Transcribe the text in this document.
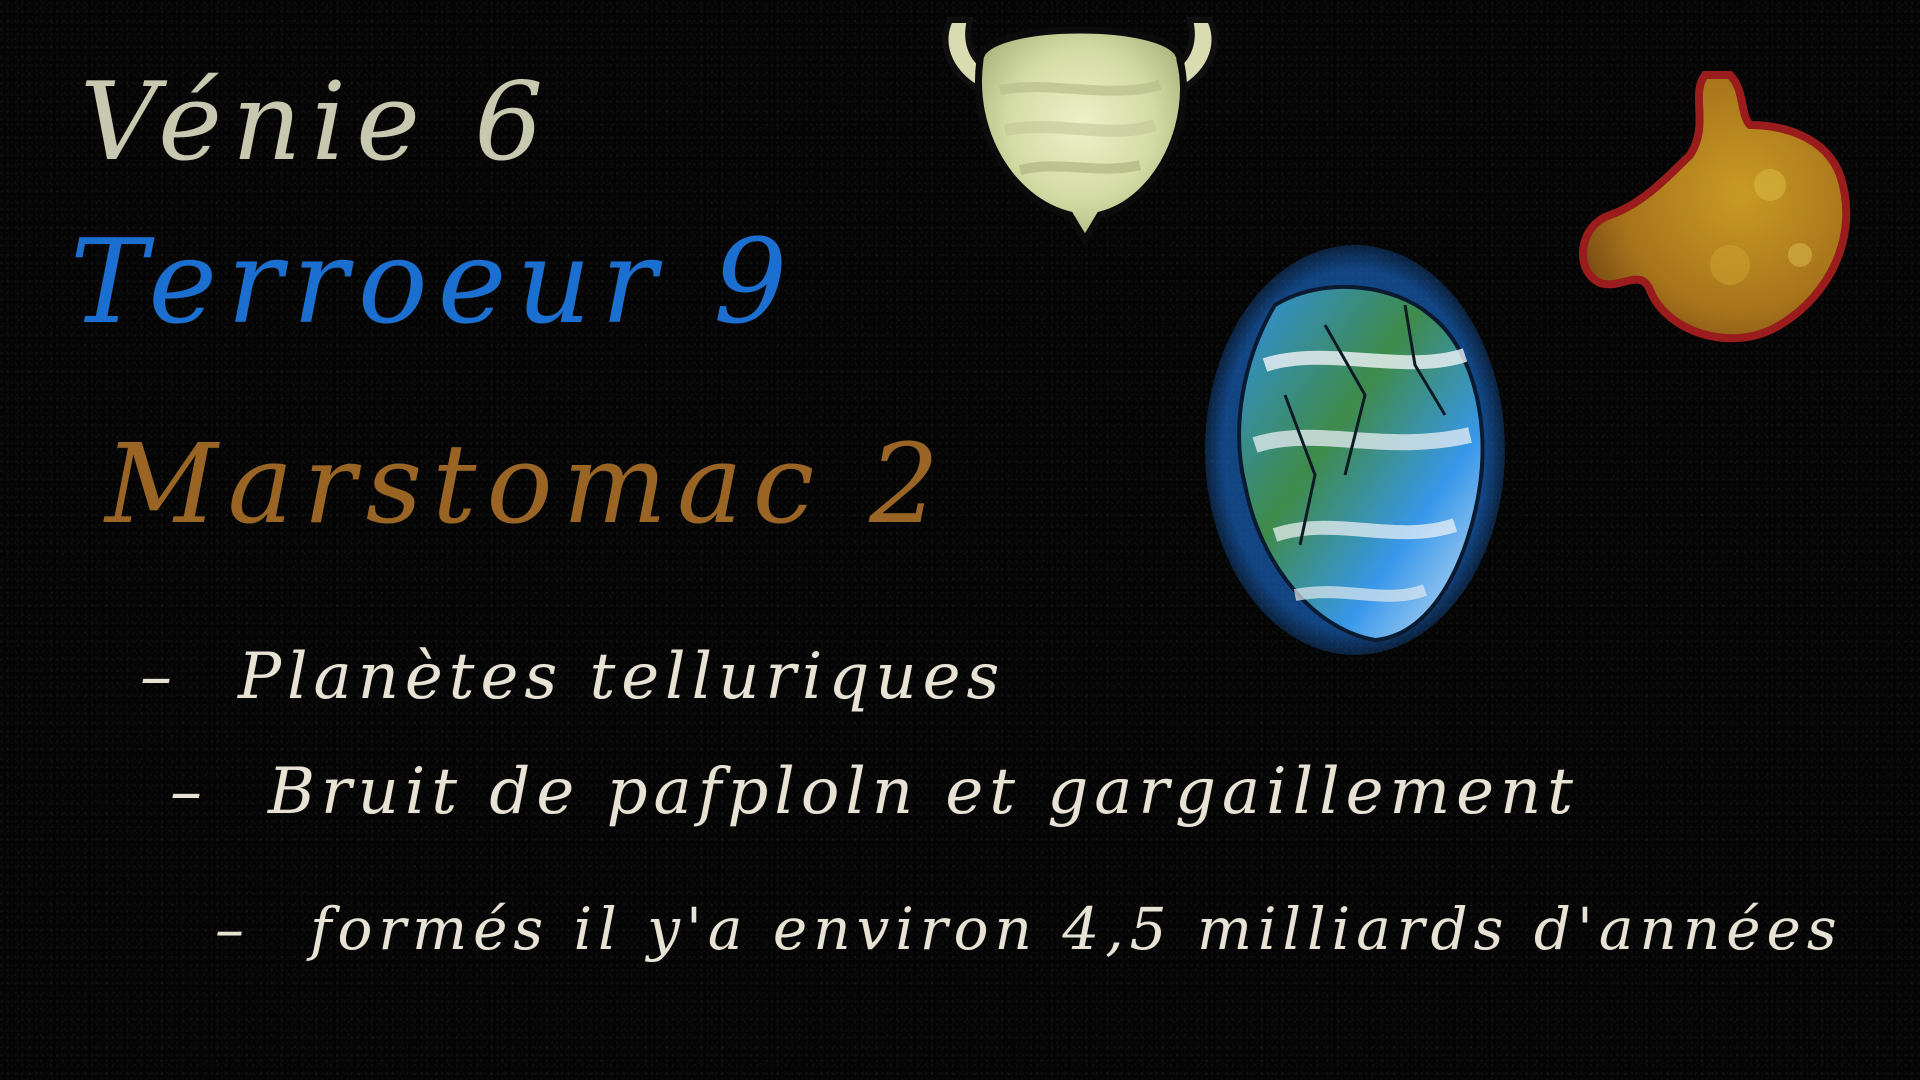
Vénie 6
Terroeur 9
Marstomac 2
– Planètes telluriques
– Bruit de pafploln et gargaillement
– formés il y'a environ 4,5 milliards d'années
